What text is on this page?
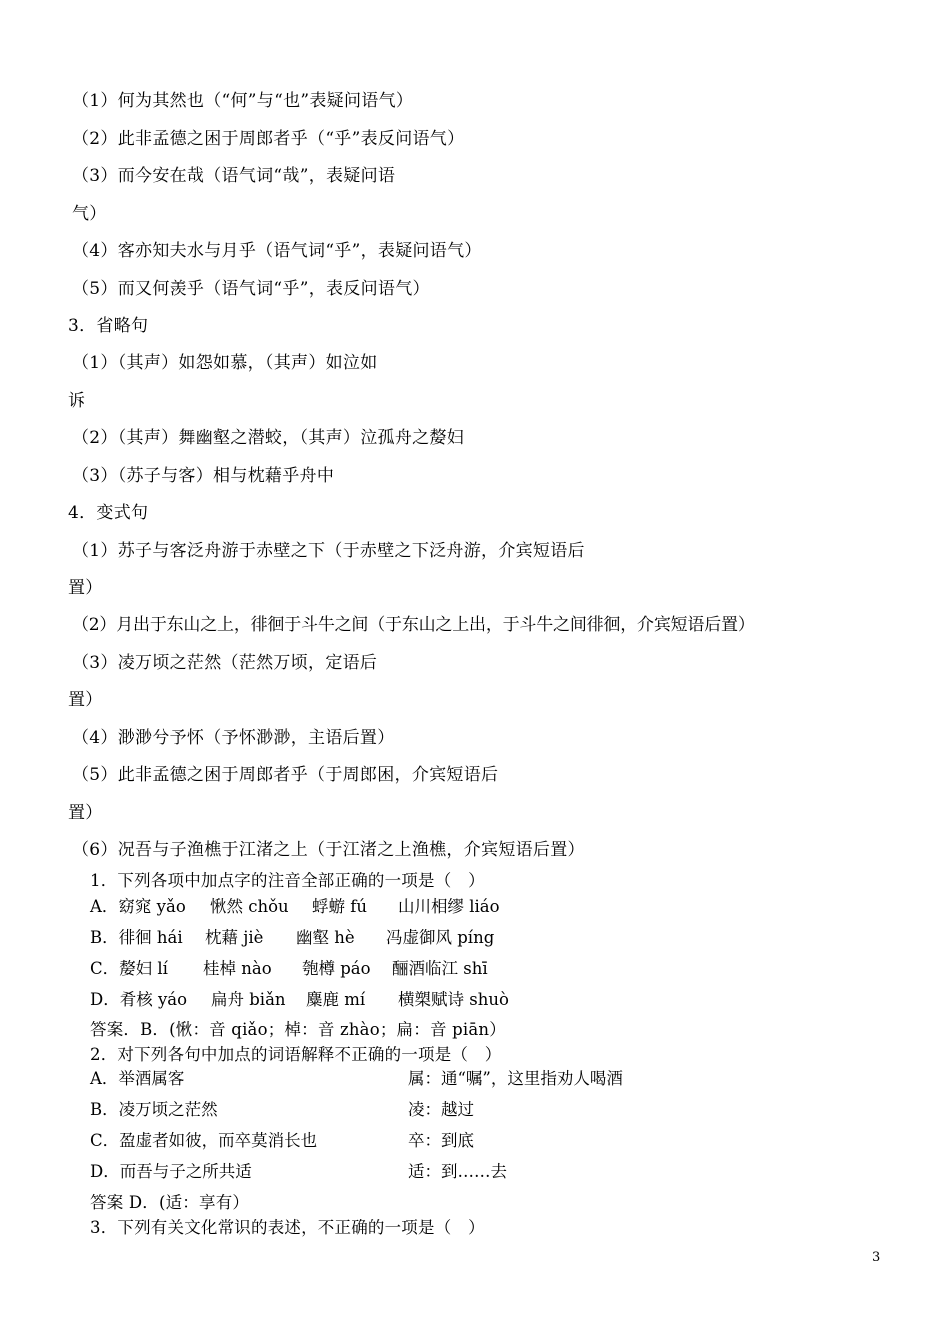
（1）何为其然也（“何”与“也”表疑问语气）
（2）此非孟德之困于周郎者乎（“乎”表反问语气）
（3）而今安在哉（语气词“哉”，表疑问语
气）
（4）客亦知夫水与月乎（语气词“乎”，表疑问语气）
（5）而又何羡乎（语气词“乎”，表反问语气）
3．省略句
（1）（其声）如怨如慕，（其声）如泣如
诉
（2）（其声）舞幽壑之潜蛟，（其声）泣孤舟之嫠妇
（3）（苏子与客）相与枕藉乎舟中
4．变式句
（1）苏子与客泛舟游于赤壁之下（于赤壁之下泛舟游，介宾短语后
置）
（2）月出于东山之上，徘徊于斗牛之间（于东山之上出，于斗牛之间徘徊，介宾短语后置）
（3）凌万顷之茫然（茫然万顷，定语后
置）
（4）渺渺兮予怀（予怀渺渺，主语后置）
（5）此非孟德之困于周郎者乎（于周郎困，介宾短语后
置）
（6）况吾与子渔樵于江渚之上（于江渚之上渔樵，介宾短语后置）
1．下列各项中加点字的注音全部正确的一项是（　）
A．窈窕 yǎo 愀然 chǒu 蜉蝣 fú 山川相缪 liáo
B．徘徊 hái 枕藉 jiè 幽壑 hè 冯虚御风 píng
C．嫠妇 lí 桂棹 nào 匏樽 páo 酾酒临江 shī
D．肴核 yáo 扁舟 biǎn 麋鹿 mí 横槊赋诗 shuò
答案．B．(愀：音 qiǎo；棹：音 zhào；扁：音 piān）
2．对下列各句中加点的词语解释不正确的一项是（　）
A．举酒属客	属：通“嘱”，这里指劝人喝酒
B．凌万顷之茫然	凌：越过
C．盈虚者如彼，而卒莫消长也	卒：到底
D．而吾与子之所共适	适：到……去
答案 D．(适：享有）
3．下列有关文化常识的表述，不正确的一项是（　）
3
